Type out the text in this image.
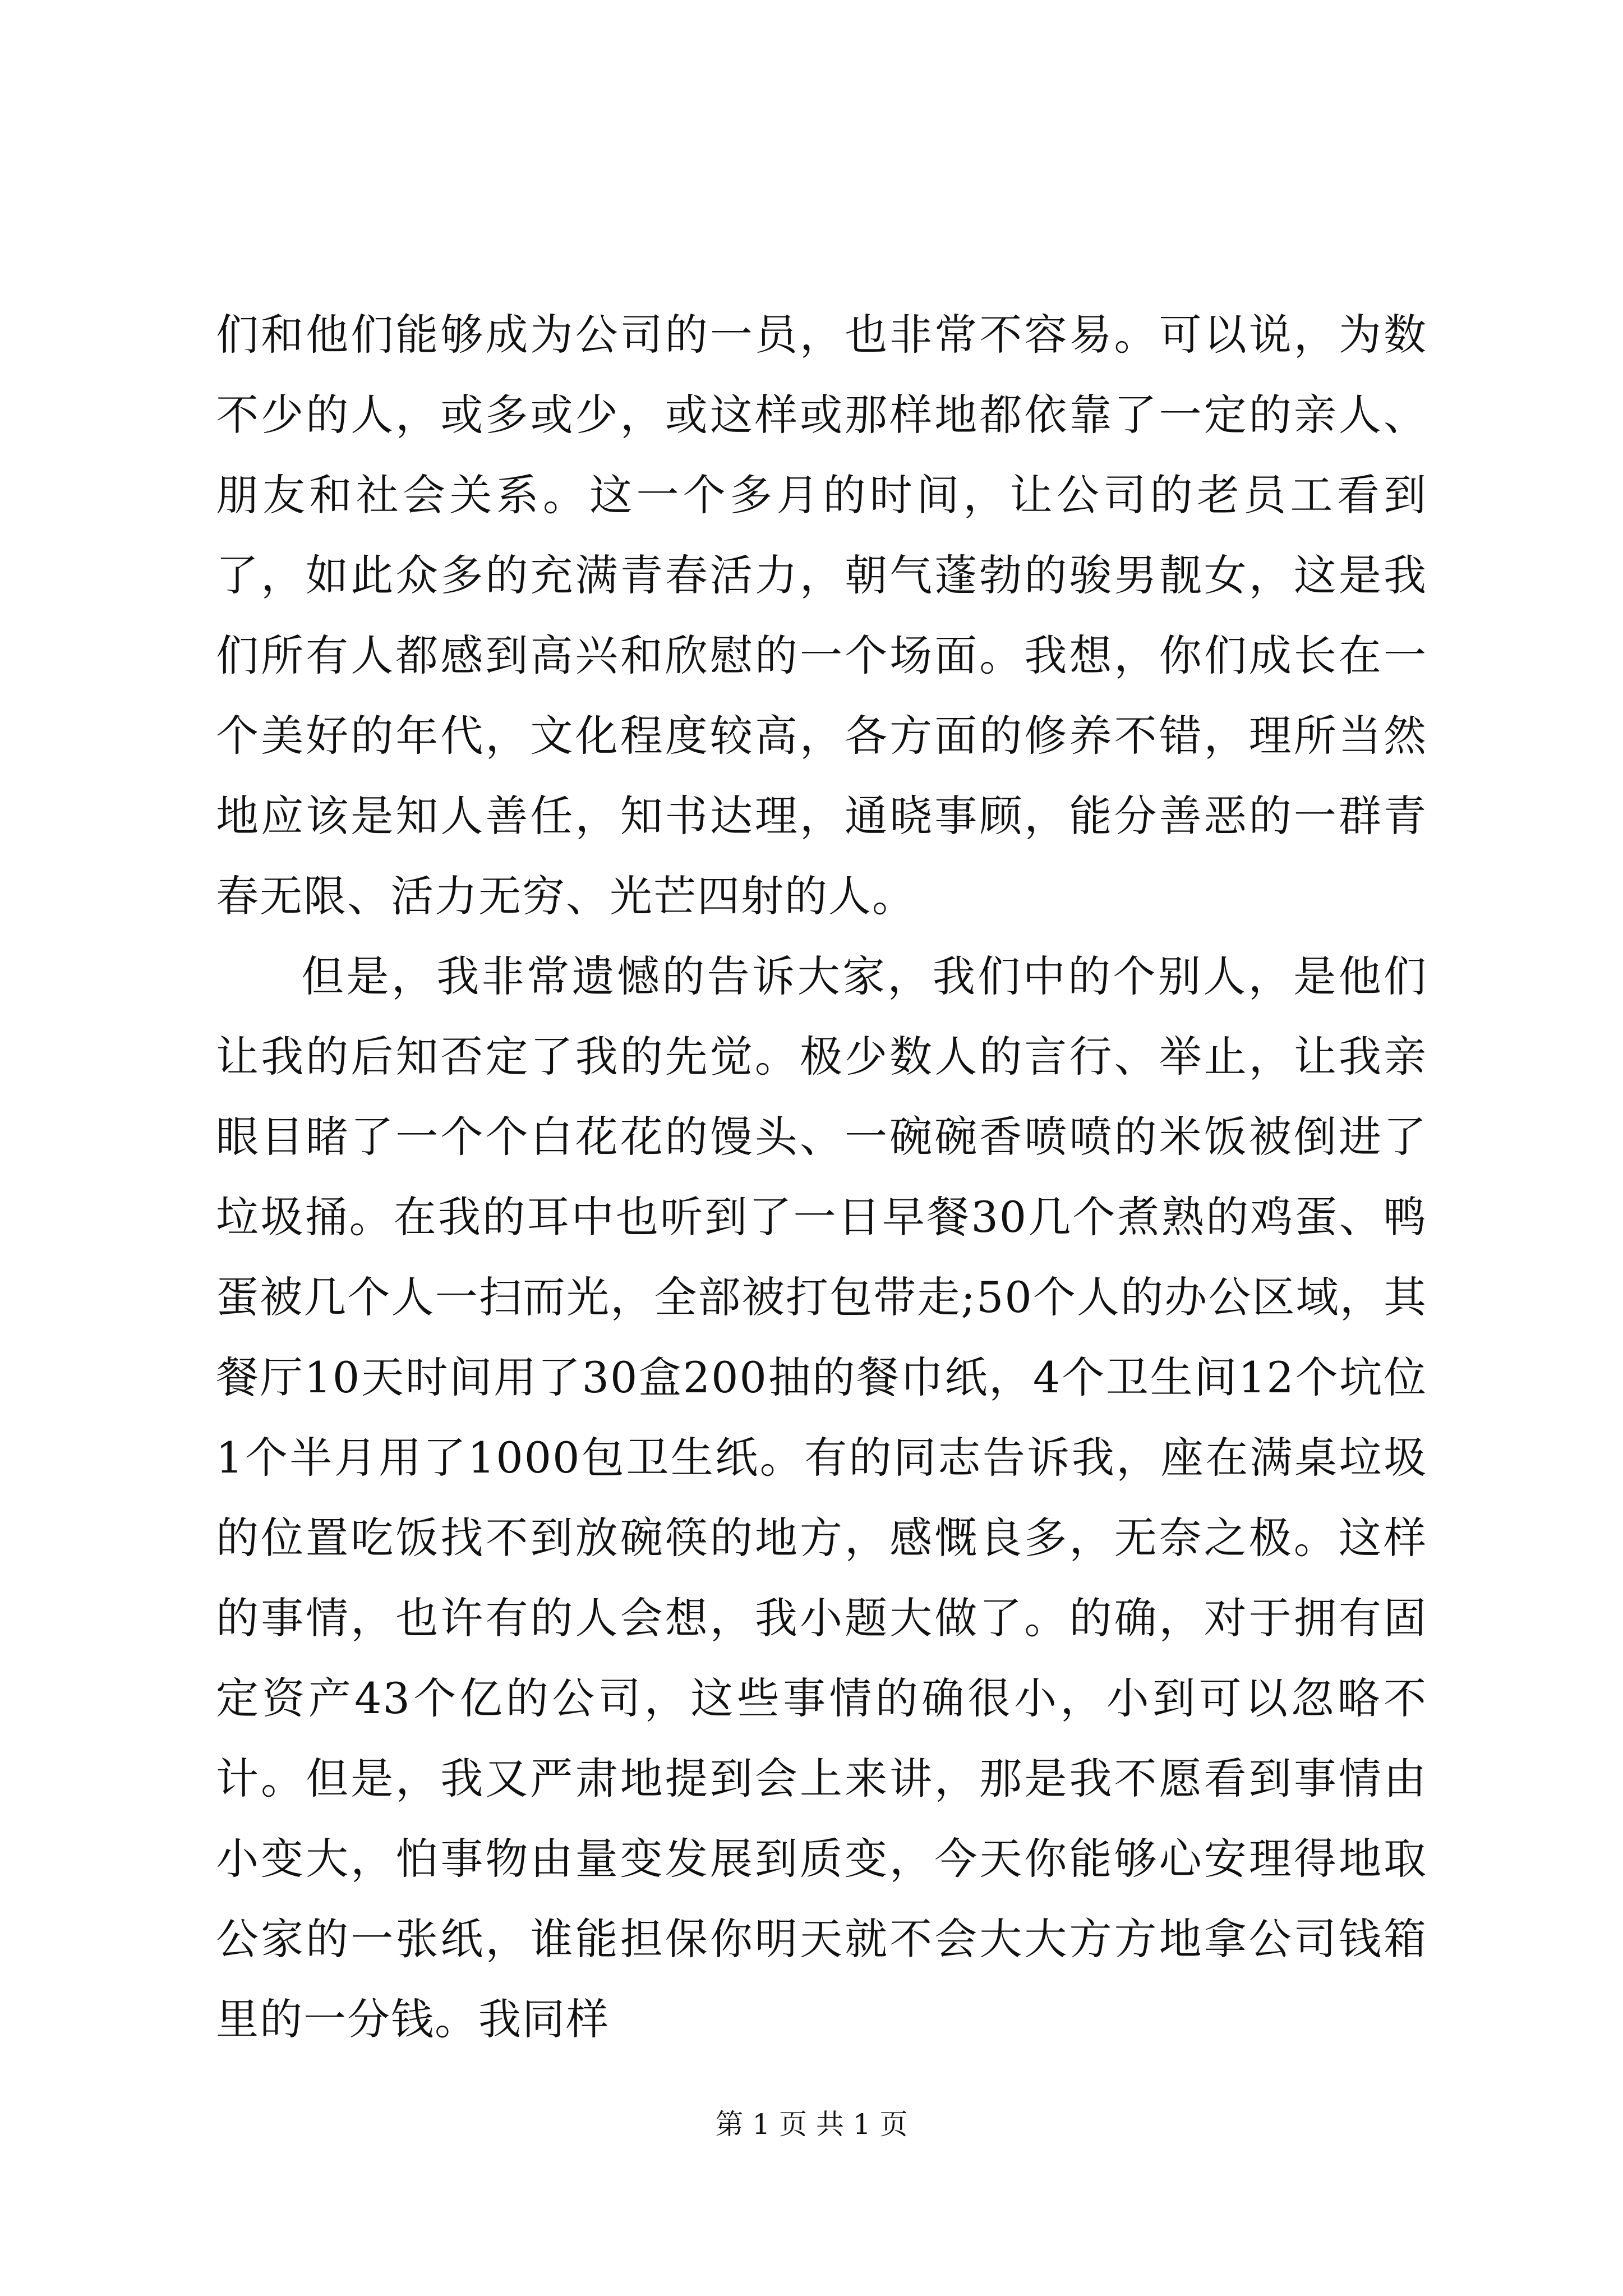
们和他们能够成为公司的一员，也非常不容易。可以说，为数不少的人，或多或少，或这样或那样地都依靠了一定的亲人、朋友和社会关系。这一个多月的时间，让公司的老员工看到了，如此众多的充满青春活力，朝气蓬勃的骏男靓女，这是我们所有人都感到高兴和欣慰的一个场面。我想，你们成长在一个美好的年代，文化程度较高，各方面的修养不错，理所当然地应该是知人善任，知书达理，通晓事顾，能分善恶的一群青春无限、活力无穷、光芒四射的人。

但是，我非常遗憾的告诉大家，我们中的个别人，是他们让我的后知否定了我的先觉。极少数人的言行、举止，让我亲眼目睹了一个个白花花的馒头、一碗碗香喷喷的米饭被倒进了垃圾捅。在我的耳中也听到了一日早餐30几个煮熟的鸡蛋、鸭蛋被几个人一扫而光，全部被打包带走;50个人的办公区域，其餐厅10天时间用了30盒200抽的餐巾纸，4个卫生间12个坑位1个半月用了1000包卫生纸。有的同志告诉我，座在满桌垃圾的位置吃饭找不到放碗筷的地方，感慨良多，无奈之极。这样的事情，也许有的人会想，我小题大做了。的确，对于拥有固定资产43个亿的公司，这些事情的确很小，小到可以忽略不计。但是，我又严肃地提到会上来讲，那是我不愿看到事情由小变大，怕事物由量变发展到质变，今天你能够心安理得地取公家的一张纸，谁能担保你明天就不会大大方方地拿公司钱箱里的一分钱。我同样

第 1 页 共 1 页
